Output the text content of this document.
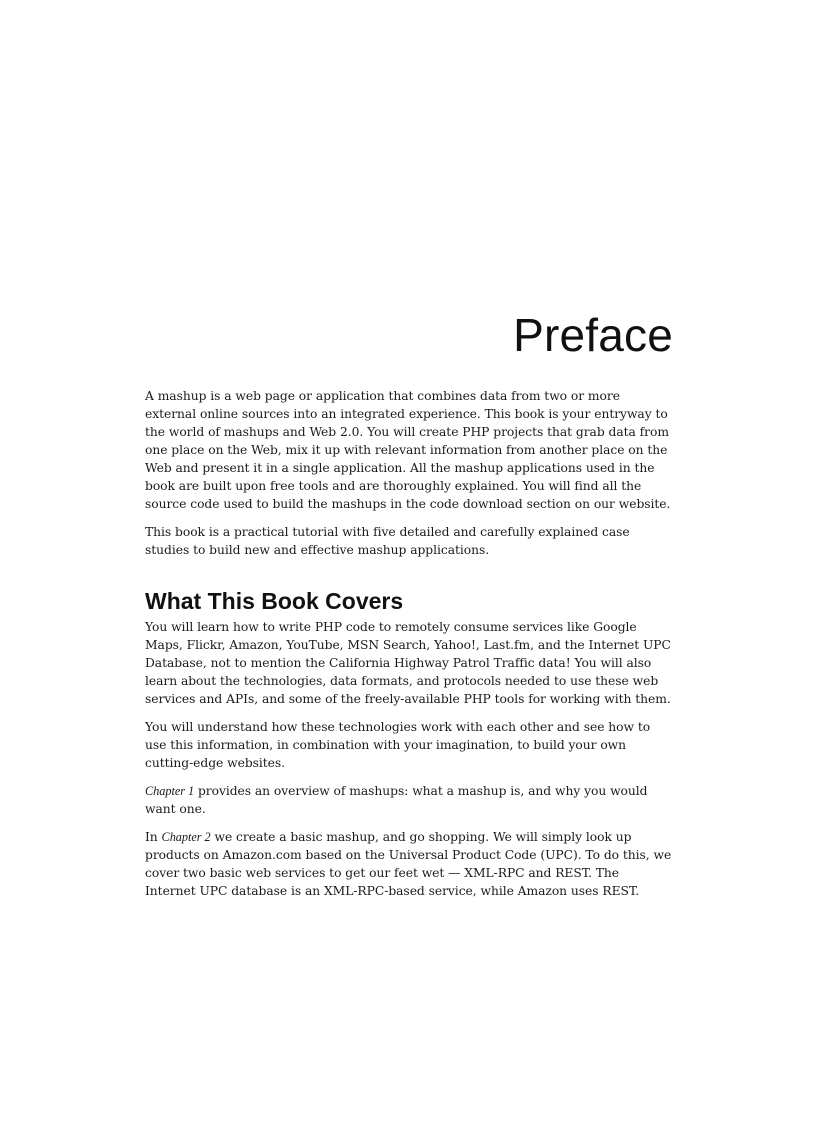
Preface

A mashup is a web page or application that combines data from two or more external online sources into an integrated experience. This book is your entryway to the world of mashups and Web 2.0. You will create PHP projects that grab data from one place on the Web, mix it up with relevant information from another place on the Web and present it in a single application. All the mashup applications used in the book are built upon free tools and are thoroughly explained. You will find all the source code used to build the mashups in the code download section on our website.

This book is a practical tutorial with five detailed and carefully explained case studies to build new and effective mashup applications.

What This Book Covers

You will learn how to write PHP code to remotely consume services like Google Maps, Flickr, Amazon, YouTube, MSN Search, Yahoo!, Last.fm, and the Internet UPC Database, not to mention the California Highway Patrol Traffic data! You will also learn about the technologies, data formats, and protocols needed to use these web services and APIs, and some of the freely-available PHP tools for working with them.

You will understand how these technologies work with each other and see how to use this information, in combination with your imagination, to build your own cutting-edge websites.

Chapter 1 provides an overview of mashups: what a mashup is, and why you would want one.

In Chapter 2 we create a basic mashup, and go shopping. We will simply look up products on Amazon.com based on the Universal Product Code (UPC). To do this, we cover two basic web services to get our feet wet — XML-RPC and REST. The Internet UPC database is an XML-RPC-based service, while Amazon uses REST.
